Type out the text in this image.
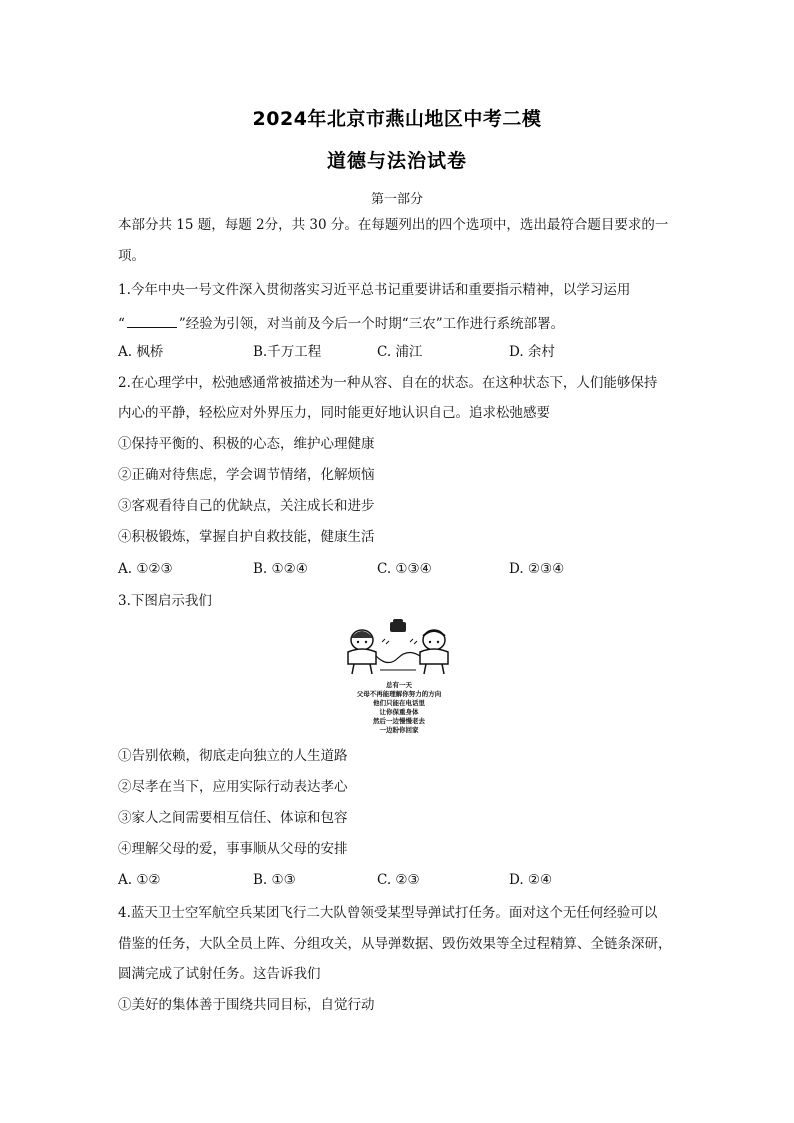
2024年北京市燕山地区中考二模
道德与法治试卷
第一部分
本部分共 15 题，每题 2分，共 30 分。在每题列出的四个选项中，选出最符合题目要求的一
项。
1.今年中央一号文件深入贯彻落实习近平总书记重要讲话和重要指示精神，以学习运用
“	”经验为引领，对当前及今后一个时期“三农”工作进行系统部署。
A. 枫桥	B.千万工程	C. 浦江	D. 余村
2.在心理学中，松弛感通常被描述为一种从容、自在的状态。在这种状态下，人们能够保持
内心的平静，轻松应对外界压力，同时能更好地认识自己。追求松弛感要
①保持平衡的、积极的心态，维护心理健康
②正确对待焦虑，学会调节情绪，化解烦恼
③客观看待自己的优缺点，关注成长和进步
④积极锻炼，掌握自护自救技能，健康生活
A. ①②③	B. ①②④	C. ①③④	D. ②③④
3.下图启示我们
总有一天
父母不再能理解你努力的方向
他们只能在电话里
让你保重身体
然后一边慢慢老去
一边盼你回家
①告别依赖，彻底走向独立的人生道路
②尽孝在当下，应用实际行动表达孝心
③家人之间需要相互信任、体谅和包容
④理解父母的爱，事事顺从父母的安排
A. ①②	B. ①③	C. ②③	D. ②④
4.蓝天卫士空军航空兵某团飞行二大队曾领受某型导弹试打任务。面对这个无任何经验可以
借鉴的任务，大队全员上阵、分组攻关，从导弹数据、毁伤效果等全过程精算、全链条深研，
圆满完成了试射任务。这告诉我们
①美好的集体善于围绕共同目标，自觉行动
